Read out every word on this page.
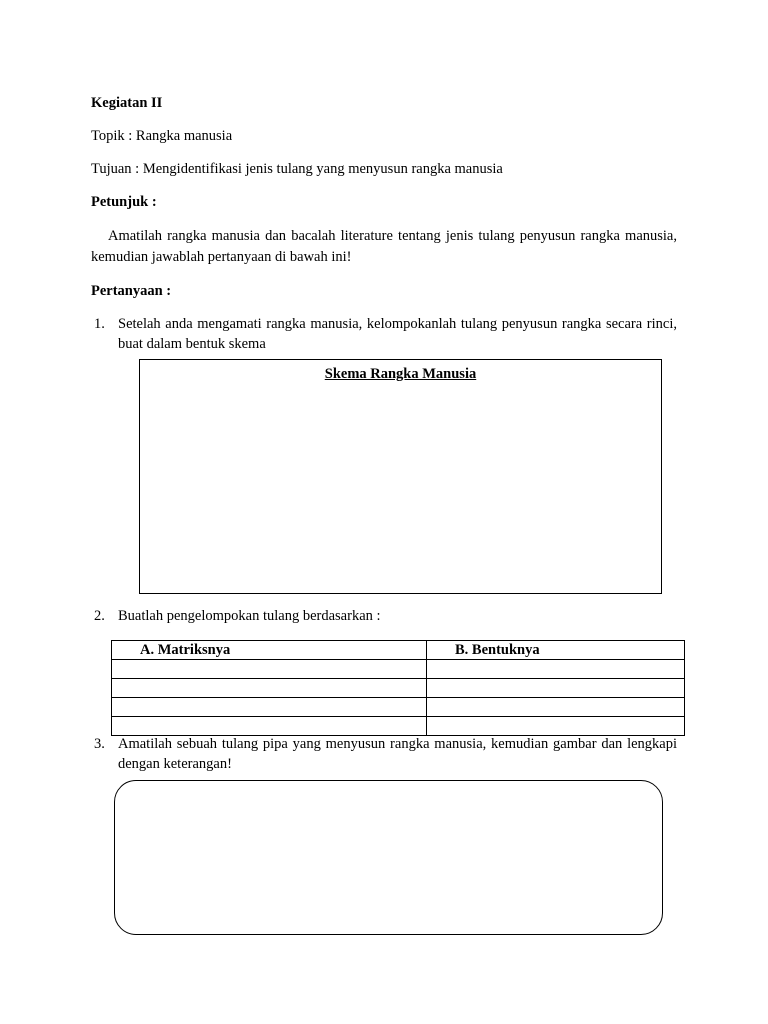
Kegiatan II
Topik : Rangka manusia
Tujuan : Mengidentifikasi jenis tulang yang menyusun rangka manusia
Petunjuk :
Amatilah rangka manusia dan bacalah literature tentang jenis tulang penyusun rangka manusia, kemudian jawablah pertanyaan di bawah ini!
Pertanyaan :
1. Setelah anda mengamati rangka manusia, kelompokanlah tulang penyusun rangka secara rinci, buat dalam bentuk skema
Skema Rangka Manusia
2. Buatlah pengelompokan tulang berdasarkan :
A. Matriksnya	B. Bentuknya

3. Amatilah sebuah tulang pipa yang menyusun rangka manusia, kemudian gambar dan lengkapi dengan keterangan!
